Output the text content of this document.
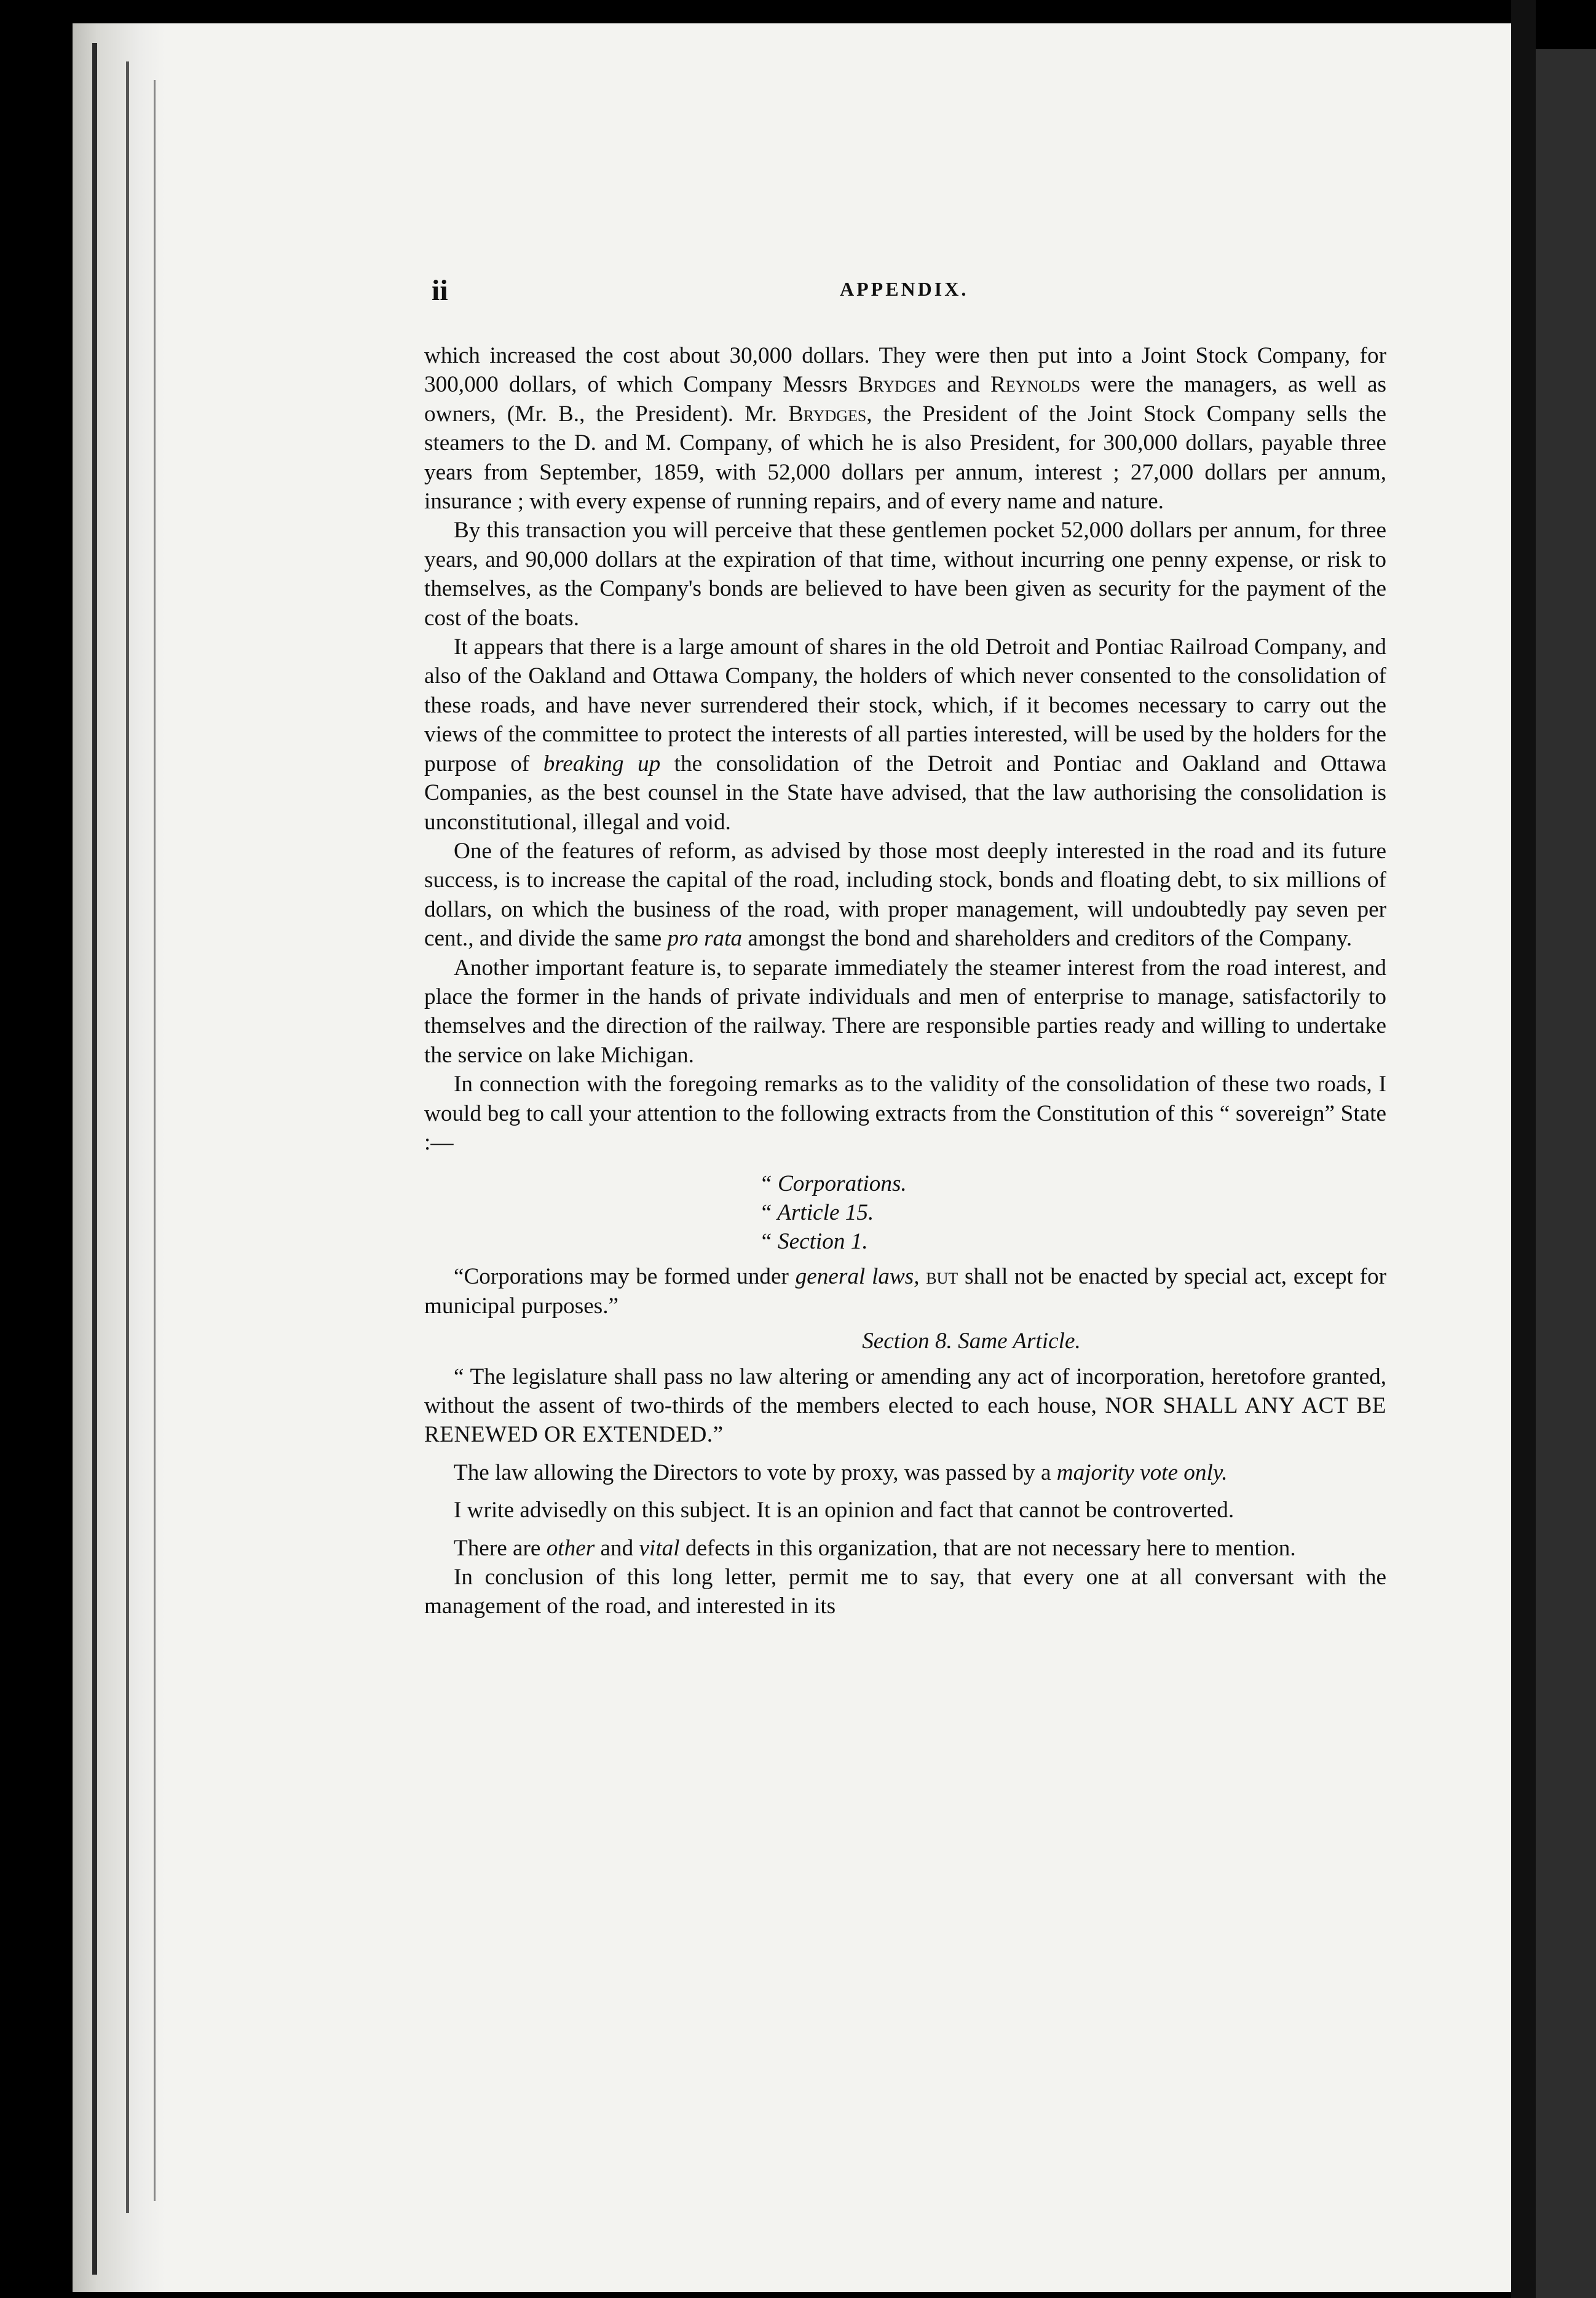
ii	APPENDIX.

which increased the cost about 30,000 dollars. They were then put into a Joint Stock Company, for 300,000 dollars, of which Company Messrs Brydges and Reynolds were the managers, as well as owners, (Mr. B., the President). Mr. Brydges, the President of the Joint Stock Company sells the steamers to the D. and M. Company, of which he is also President, for 300,000 dollars, payable three years from September, 1859, with 52,000 dollars per annum, interest ; 27,000 dollars per annum, insurance ; with every expense of running repairs, and of every name and nature.

By this transaction you will perceive that these gentlemen pocket 52,000 dollars per annum, for three years, and 90,000 dollars at the expiration of that time, without incurring one penny expense, or risk to themselves, as the Company's bonds are believed to have been given as security for the payment of the cost of the boats.

It appears that there is a large amount of shares in the old Detroit and Pontiac Railroad Company, and also of the Oakland and Ottawa Company, the holders of which never consented to the consolidation of these roads, and have never surrendered their stock, which, if it becomes necessary to carry out the views of the committee to protect the interests of all parties interested, will be used by the holders for the purpose of breaking up the consolidation of the Detroit and Pontiac and Oakland and Ottawa Companies, as the best counsel in the State have advised, that the law authorising the consolidation is unconstitutional, illegal and void.

One of the features of reform, as advised by those most deeply interested in the road and its future success, is to increase the capital of the road, including stock, bonds and floating debt, to six millions of dollars, on which the business of the road, with proper management, will undoubtedly pay seven per cent., and divide the same pro rata amongst the bond and shareholders and creditors of the Company.

Another important feature is, to separate immediately the steamer interest from the road interest, and place the former in the hands of private individuals and men of enterprise to manage, satisfactorily to themselves and the direction of the railway. There are responsible parties ready and willing to undertake the service on lake Michigan.

In connection with the foregoing remarks as to the validity of the consolidation of these two roads, I would beg to call your attention to the following extracts from the Constitution of this “ sovereign” State :—

“ Corporations.
“ Article 15.
“ Section 1.

“Corporations may be formed under general laws, but shall not be enacted by special act, except for municipal purposes.”

Section 8. Same Article.

“ The legislature shall pass no law altering or amending any act of incorporation, heretofore granted, without the assent of two-thirds of the members elected to each house, NOR SHALL ANY ACT BE RENEWED OR EXTENDED.”

The law allowing the Directors to vote by proxy, was passed by a majority vote only.

I write advisedly on this subject. It is an opinion and fact that cannot be controverted.

There are other and vital defects in this organization, that are not necessary here to mention.

In conclusion of this long letter, permit me to say, that every one at all conversant with the management of the road, and interested in its
